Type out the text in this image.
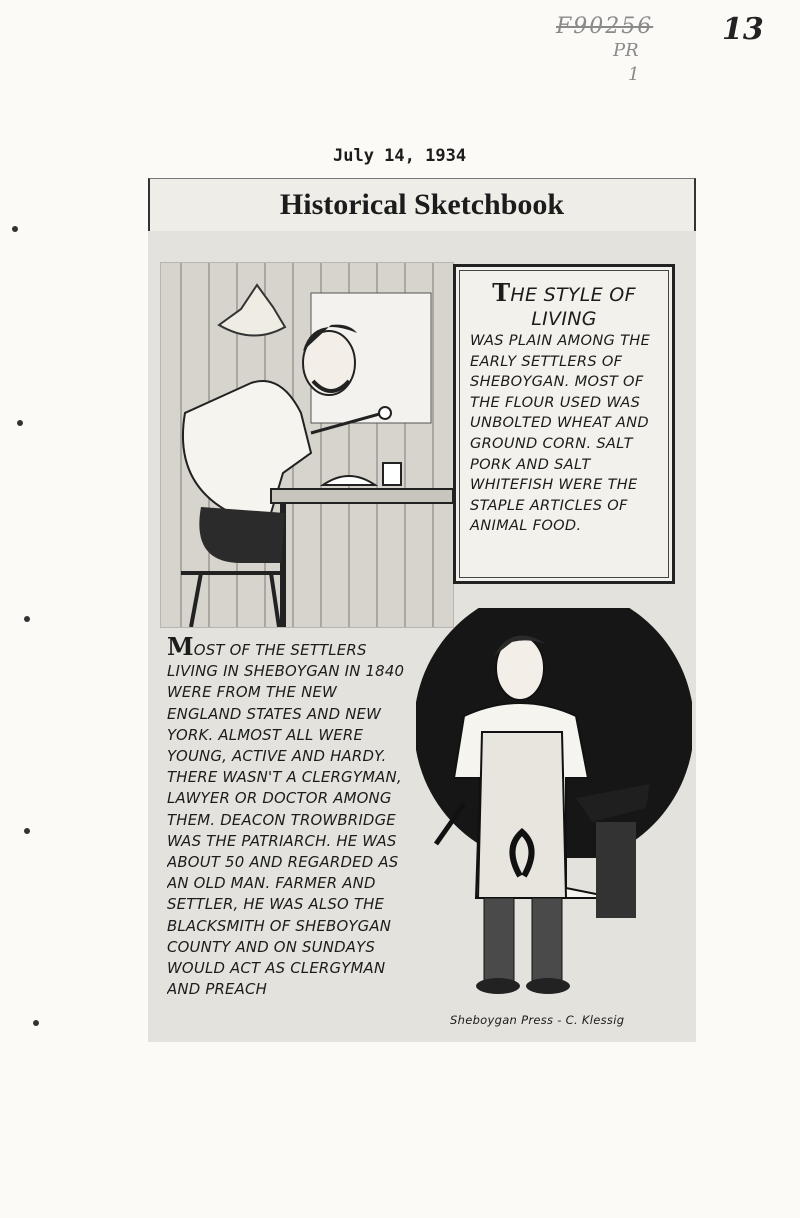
F90256
PR
1
13
July 14, 1934
Historical Sketchbook
THE STYLE OF LIVING
WAS PLAIN AMONG THE EARLY SETTLERS OF SHEBOYGAN. MOST OF THE FLOUR USED WAS UNBOLTED WHEAT AND GROUND CORN. SALT PORK AND SALT WHITEFISH WERE THE STAPLE ARTICLES OF ANIMAL FOOD.
MOST OF THE SETTLERS LIVING IN SHEBOYGAN IN 1840 WERE FROM THE NEW ENGLAND STATES AND NEW YORK. ALMOST ALL WERE YOUNG, ACTIVE AND HARDY. THERE WASN'T A CLERGYMAN, LAWYER OR DOCTOR AMONG THEM. DEACON TROWBRIDGE WAS THE PATRIARCH. HE WAS ABOUT 50 AND REGARDED AS AN OLD MAN. FARMER AND SETTLER, HE WAS ALSO THE BLACKSMITH OF SHEBOYGAN COUNTY AND ON SUNDAYS WOULD ACT AS CLERGYMAN AND PREACH
Sheboygan Press - C. Klessig
